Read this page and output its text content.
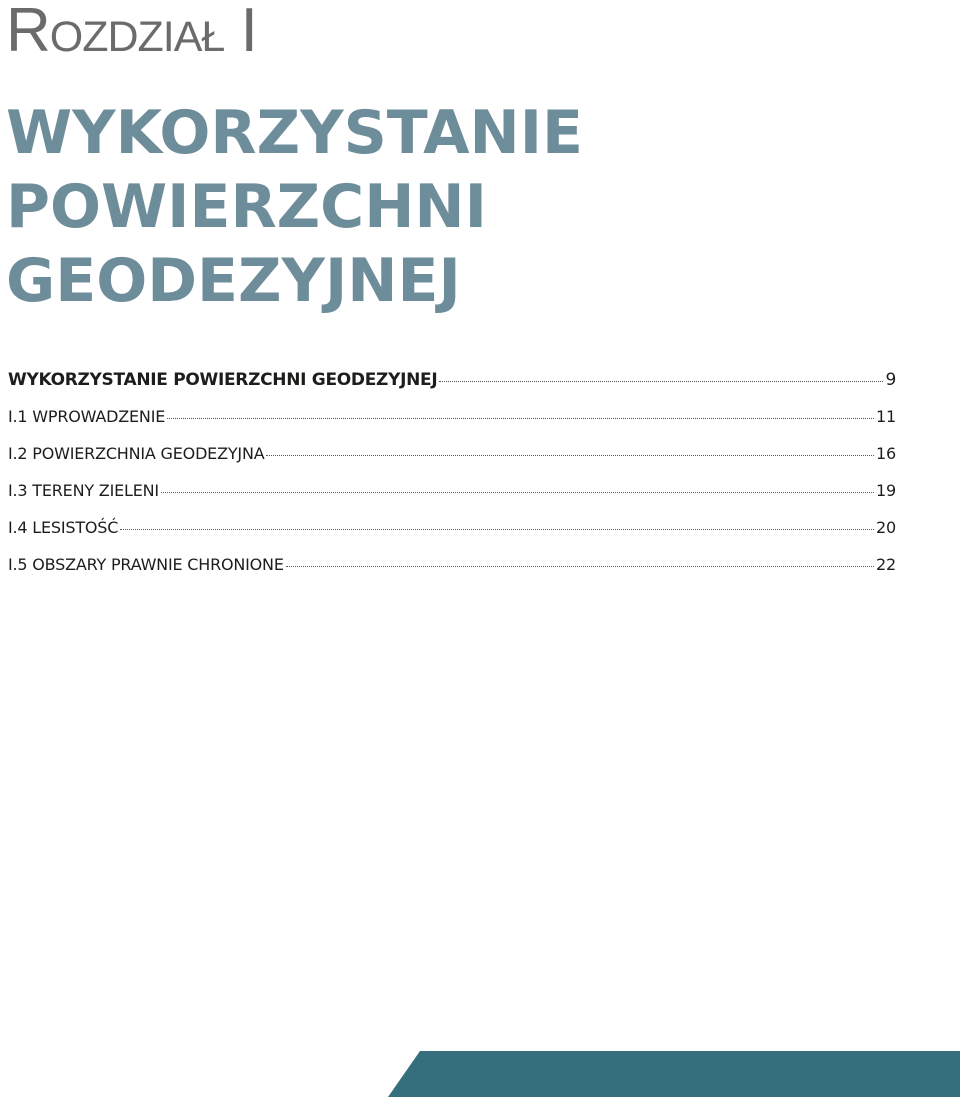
Rozdział I
WYKORZYSTANIE
POWIERZCHNI
GEODEZYJNEJ
WYKORZYSTANIE POWIERZCHNI GEODEZYJNEJ	9
I.1 WPROWADZENIE	11
I.2 POWIERZCHNIA GEODEZYJNA	16
I.3 TERENY ZIELENI	19
I.4 LESISTOŚĆ	20
I.5 OBSZARY PRAWNIE CHRONIONE	22
